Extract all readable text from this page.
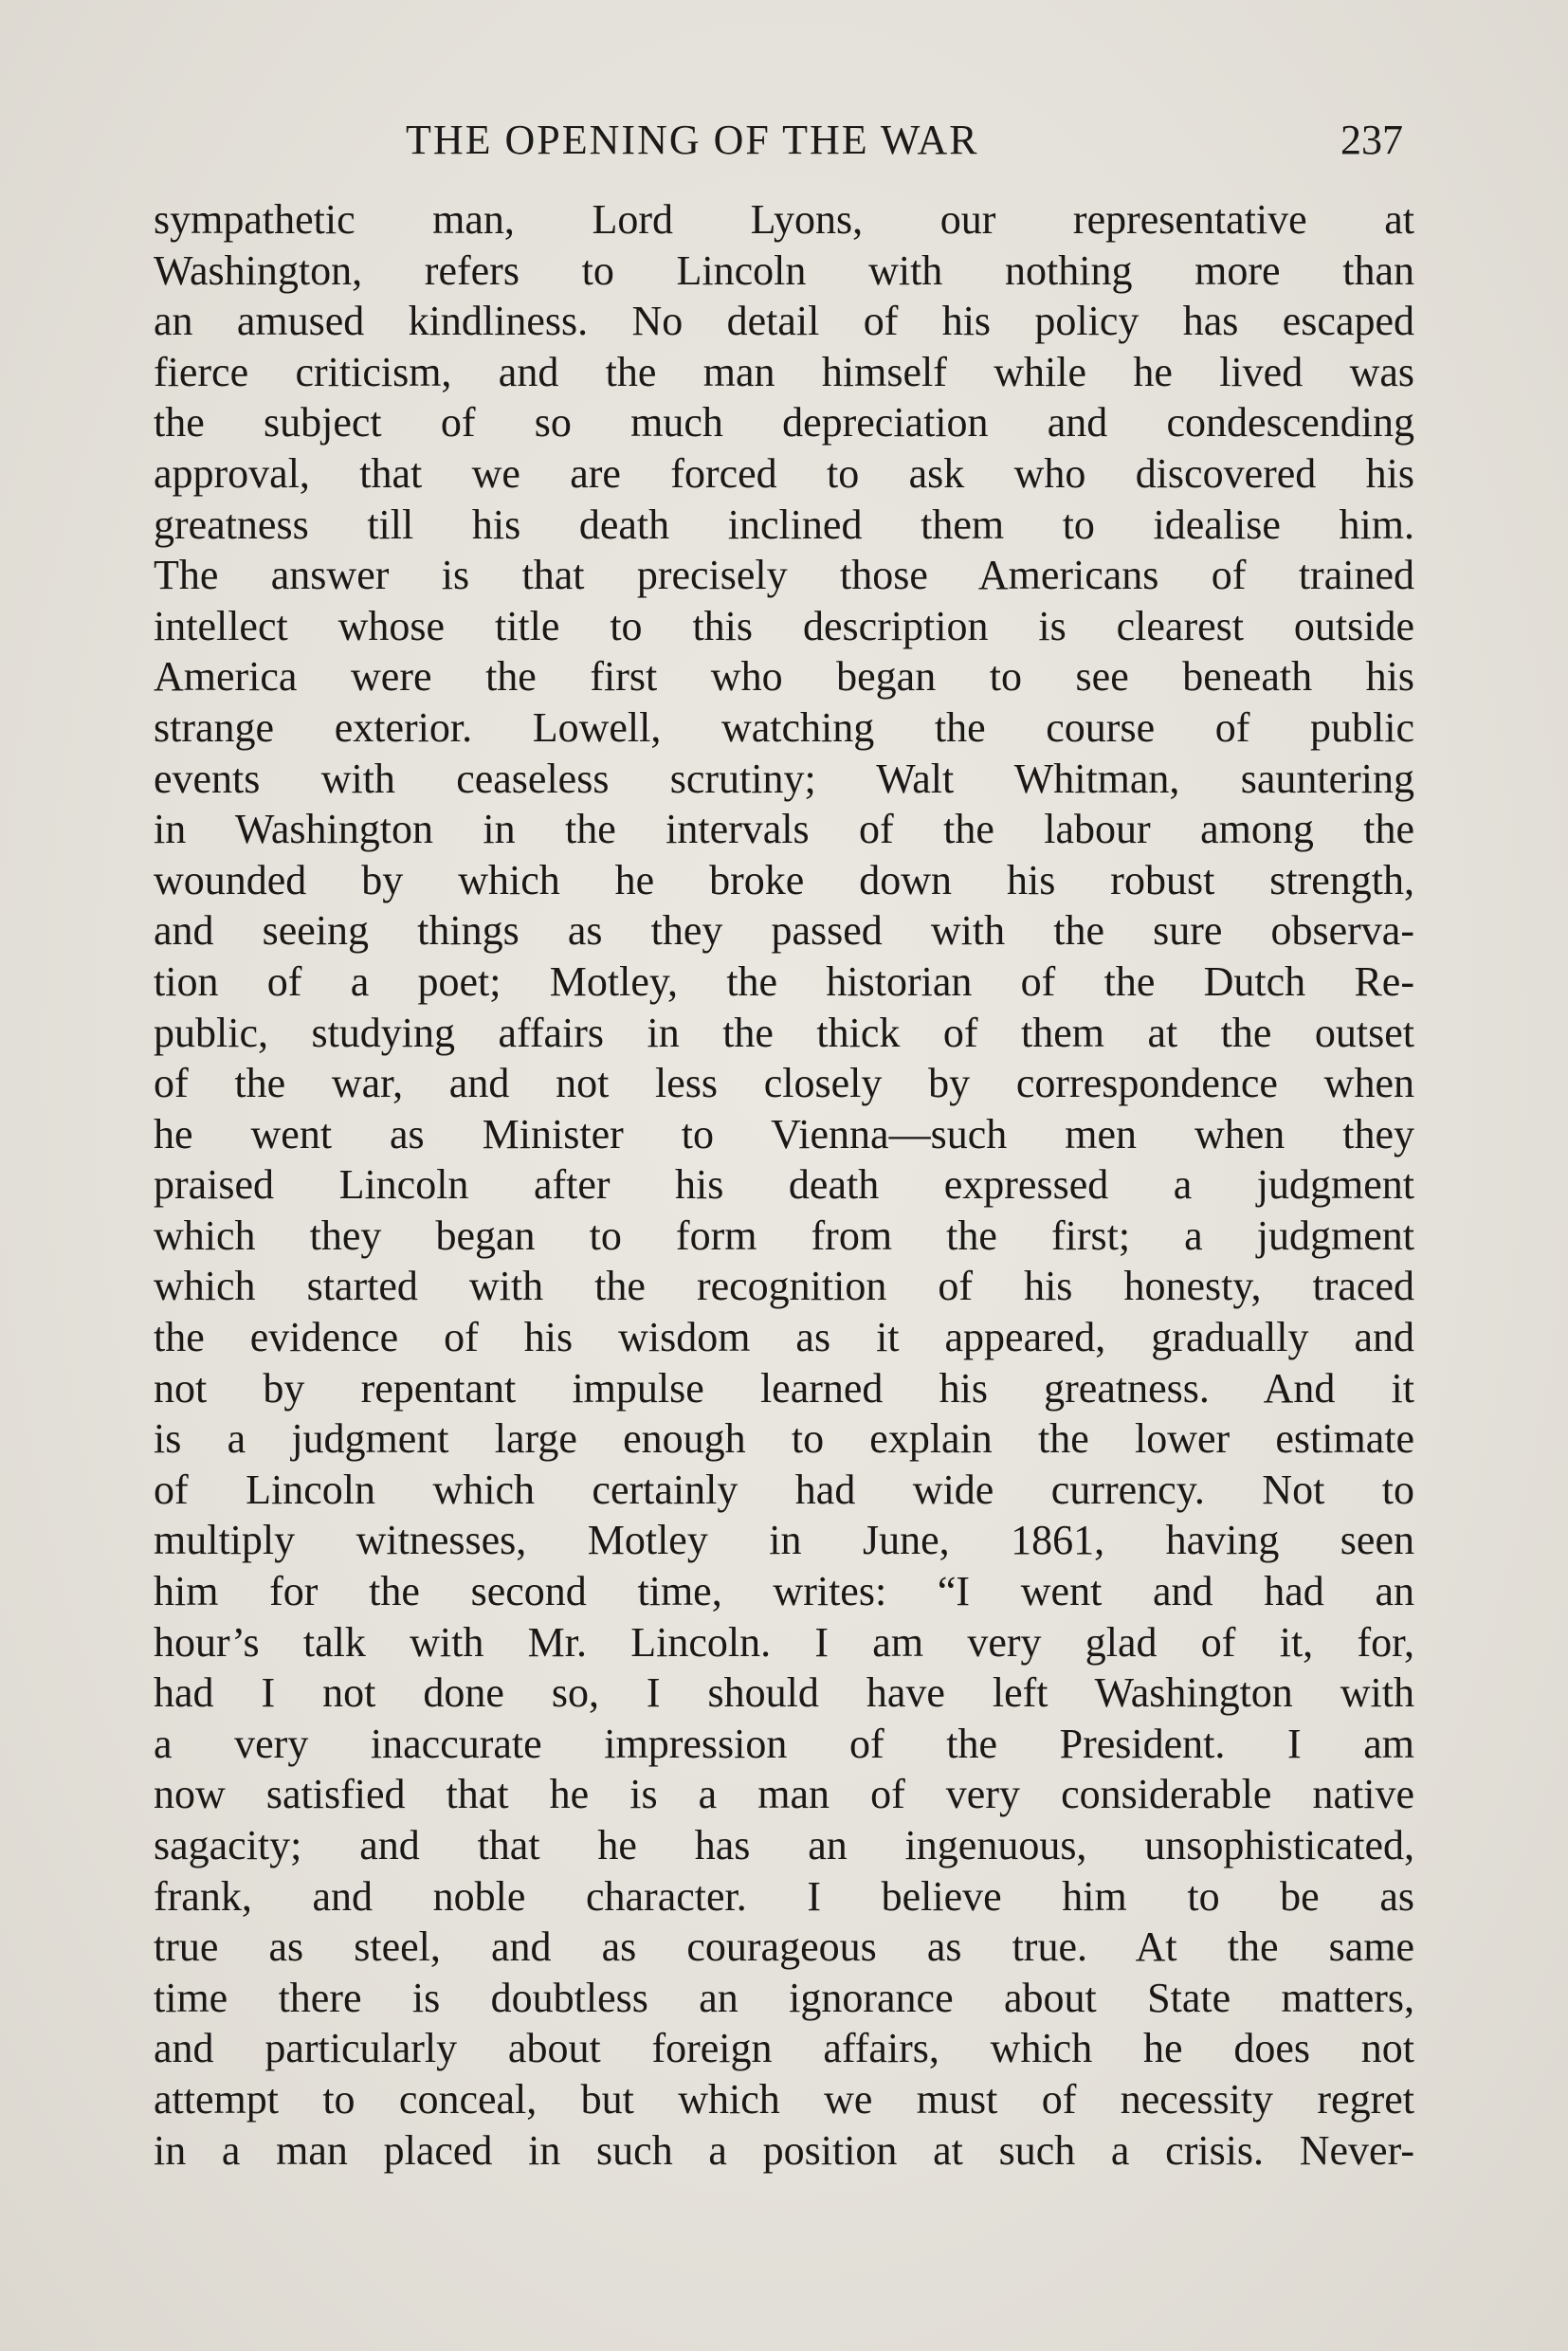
THE OPENING OF THE WAR	237
sympathetic man, Lord Lyons, our representative at
Washington, refers to Lincoln with nothing more than
an amused kindliness. No detail of his policy has escaped
fierce criticism, and the man himself while he lived was
the subject of so much depreciation and condescending
approval, that we are forced to ask who discovered his
greatness till his death inclined them to idealise him.
The answer is that precisely those Americans of trained
intellect whose title to this description is clearest outside
America were the first who began to see beneath his
strange exterior. Lowell, watching the course of public
events with ceaseless scrutiny; Walt Whitman, sauntering
in Washington in the intervals of the labour among the
wounded by which he broke down his robust strength,
and seeing things as they passed with the sure observa-
tion of a poet; Motley, the historian of the Dutch Re-
public, studying affairs in the thick of them at the outset
of the war, and not less closely by correspondence when
he went as Minister to Vienna—such men when they
praised Lincoln after his death expressed a judgment
which they began to form from the first; a judgment
which started with the recognition of his honesty, traced
the evidence of his wisdom as it appeared, gradually and
not by repentant impulse learned his greatness. And it
is a judgment large enough to explain the lower estimate
of Lincoln which certainly had wide currency. Not to
multiply witnesses, Motley in June, 1861, having seen
him for the second time, writes: “I went and had an
hour’s talk with Mr. Lincoln. I am very glad of it, for,
had I not done so, I should have left Washington with
a very inaccurate impression of the President. I am
now satisfied that he is a man of very considerable native
sagacity; and that he has an ingenuous, unsophisticated,
frank, and noble character. I believe him to be as
true as steel, and as courageous as true. At the same
time there is doubtless an ignorance about State matters,
and particularly about foreign affairs, which he does not
attempt to conceal, but which we must of necessity regret
in a man placed in such a position at such a crisis. Never-
